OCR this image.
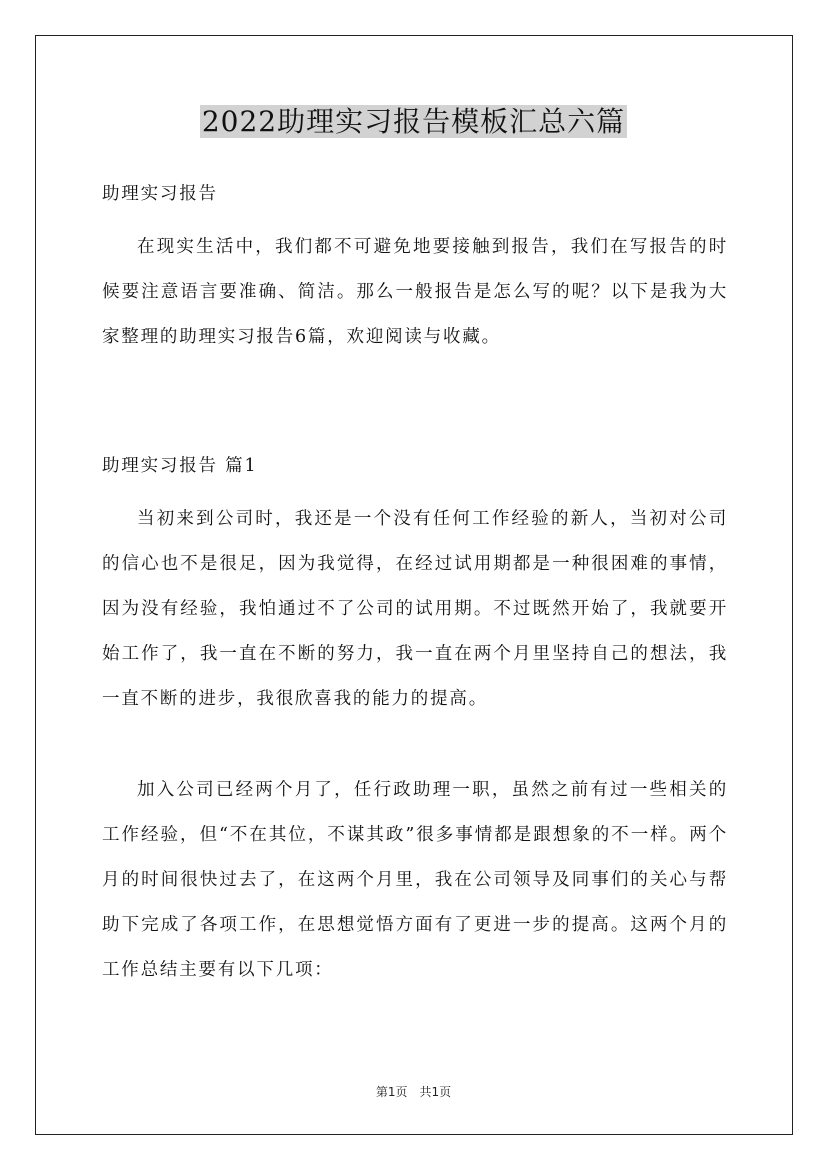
2022助理实习报告模板汇总六篇
助理实习报告
在现实生活中，我们都不可避免地要接触到报告，我们在写报告的时候要注意语言要准确、简洁。那么一般报告是怎么写的呢？以下是我为大家整理的助理实习报告6篇，欢迎阅读与收藏。
助理实习报告 篇1
当初来到公司时，我还是一个没有任何工作经验的新人，当初对公司的信心也不是很足，因为我觉得，在经过试用期都是一种很困难的事情，因为没有经验，我怕通过不了公司的试用期。不过既然开始了，我就要开始工作了，我一直在不断的努力，我一直在两个月里坚持自己的想法，我一直不断的进步，我很欣喜我的能力的提高。
加入公司已经两个月了，任行政助理一职，虽然之前有过一些相关的工作经验，但“不在其位，不谋其政”很多事情都是跟想象的不一样。两个月的时间很快过去了，在这两个月里，我在公司领导及同事们的关心与帮助下完成了各项工作，在思想觉悟方面有了更进一步的提高。这两个月的工作总结主要有以下几项：
第1页　共1页
